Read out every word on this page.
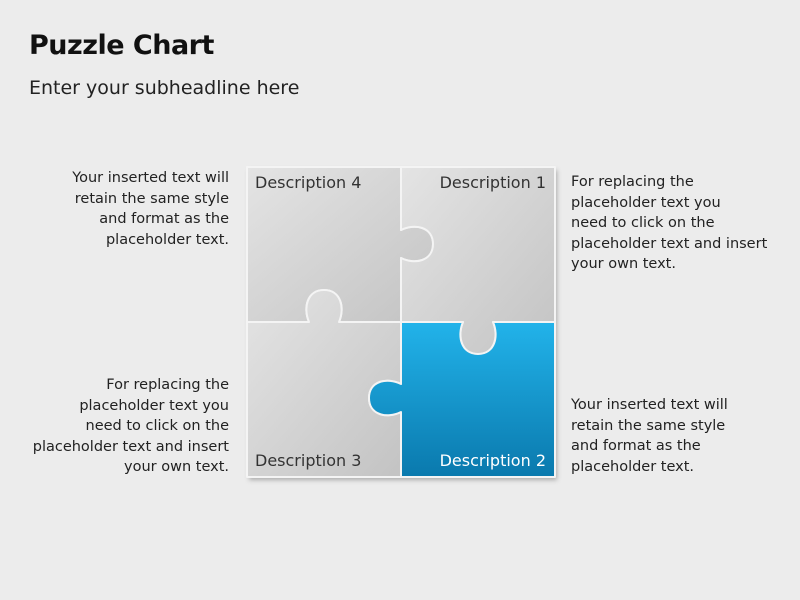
Puzzle Chart
Enter your subheadline here
Your inserted text will
retain the same style
and format as the
placeholder text.
For replacing the
placeholder text you
need to click on the
placeholder text and insert
your own text.
For replacing the
placeholder text you
need to click on the
placeholder text and insert
your own text.
Your inserted text will
retain the same style
and format as the
placeholder text.
Description 4	Description 1
Description 3	Description 2
